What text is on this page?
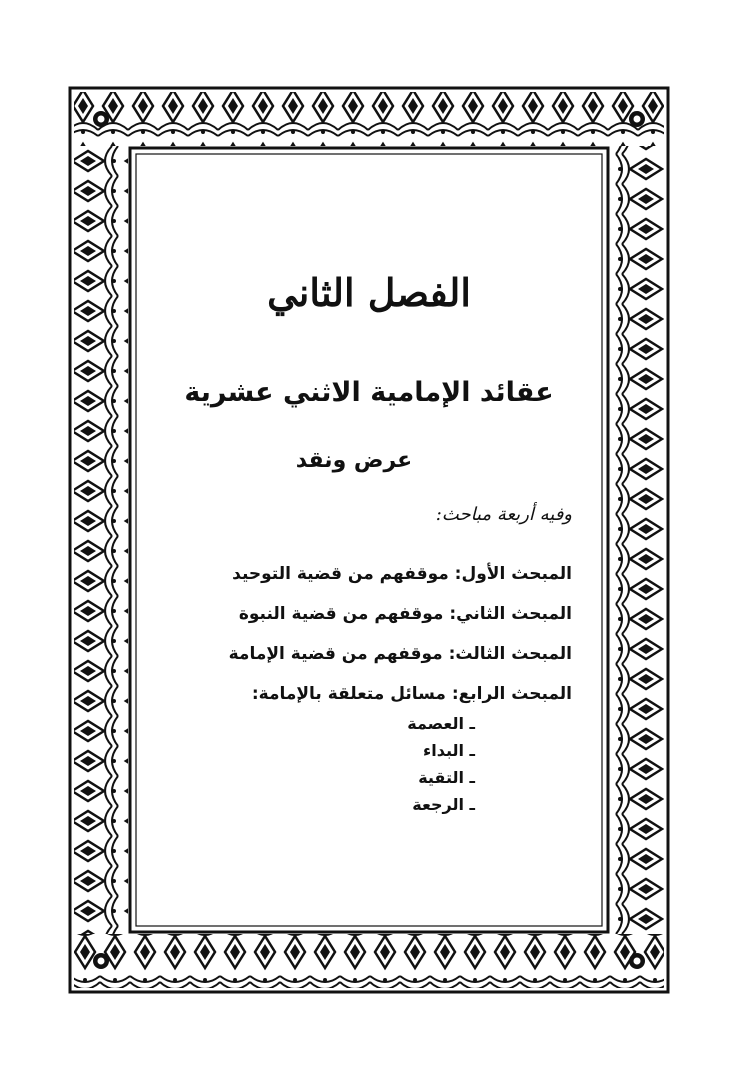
الفصل الثاني
عقائد الإمامية الاثني عشرية
عرض ونقد
وفيه أربعة مباحث:
المبحث الأول: موقفهم من قضية التوحيد
المبحث الثاني: موقفهم من قضية النبوة
المبحث الثالث: موقفهم من قضية الإمامة
المبحث الرابع: مسائل متعلقة بالإمامة:
ـ العصمة
ـ البداء
ـ التقية
ـ الرجعة
